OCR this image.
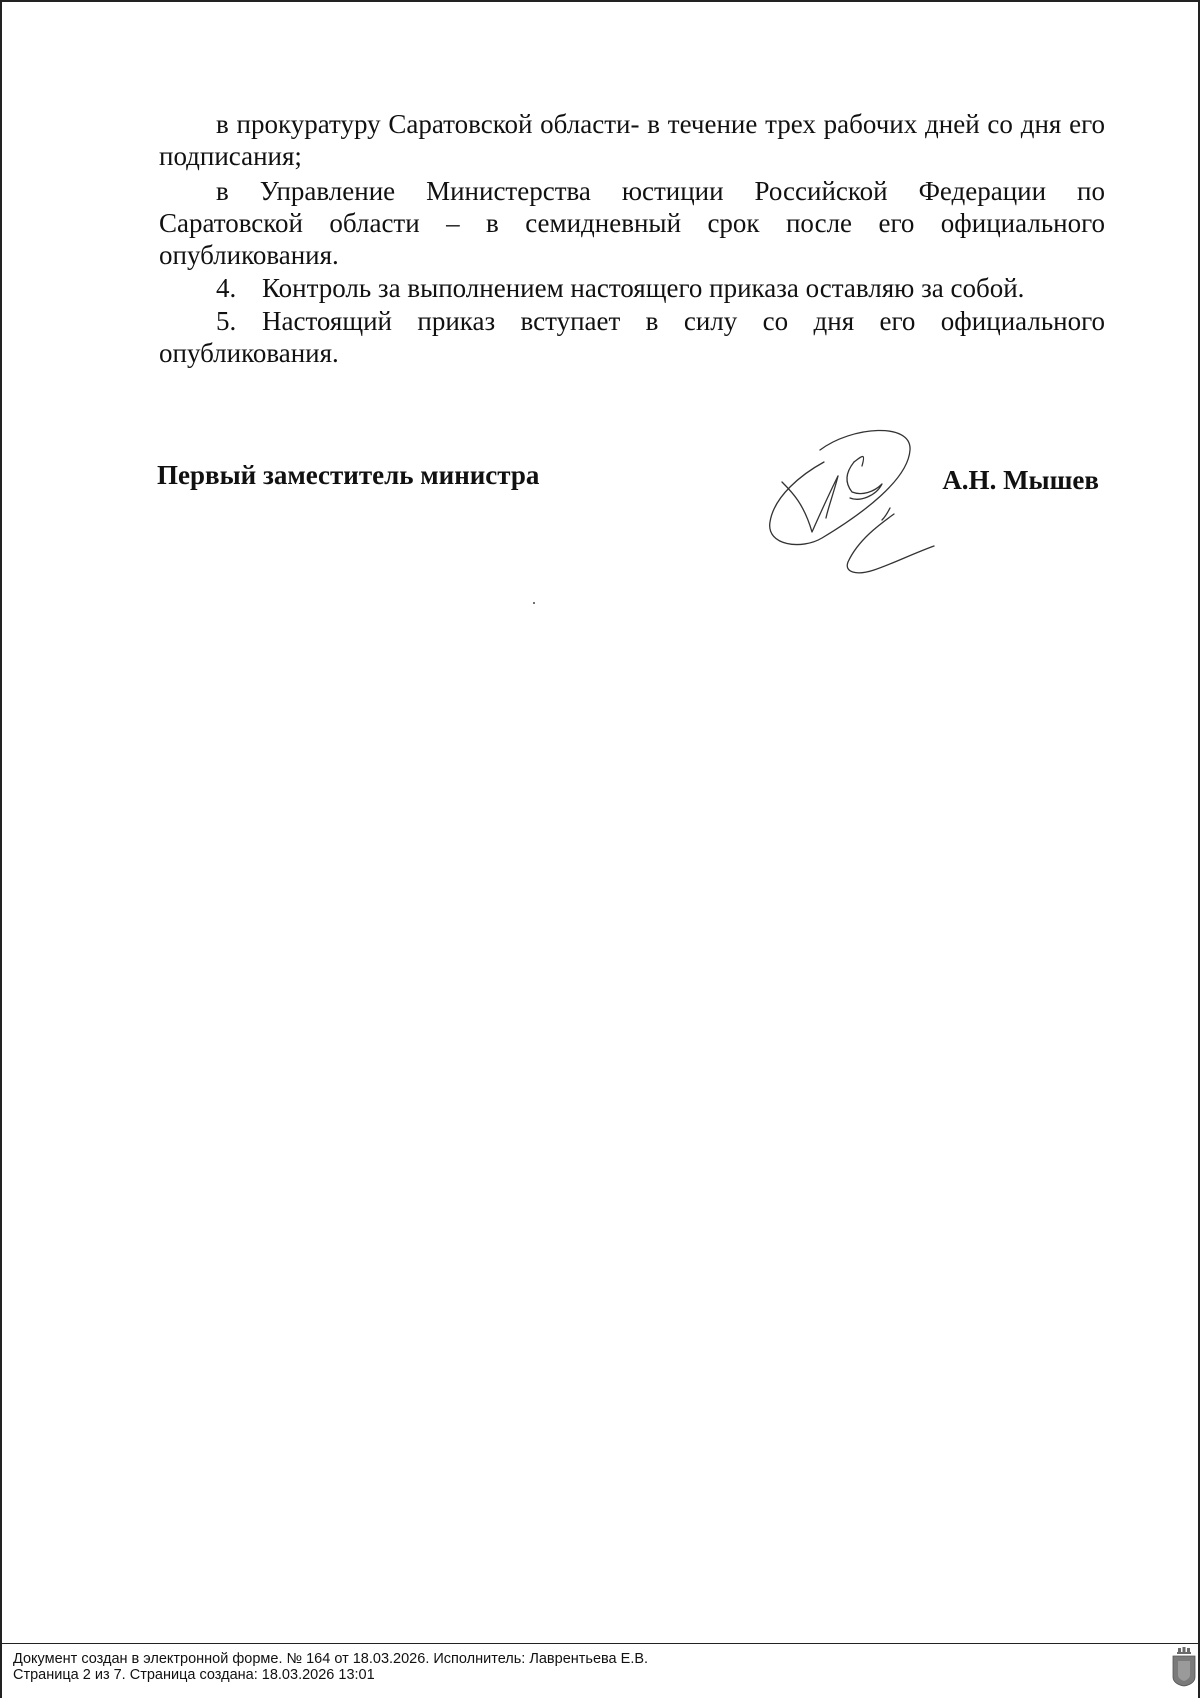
в прокуратуру Саратовской области- в течение трех рабочих дней со дня его подписания;

в Управление Министерства юстиции Российской Федерации по Саратовской области – в семидневный срок после его официального опубликования.

4. Контроль за выполнением настоящего приказа оставляю за собой.

5. Настоящий приказ вступает в силу со дня его официального опубликования.

Первый заместитель министра	А.Н. Мышев
Документ создан в электронной форме. № 164 от 18.03.2026. Исполнитель: Лаврентьева Е.В.
Страница 2 из 7. Страница создана: 18.03.2026 13:01
